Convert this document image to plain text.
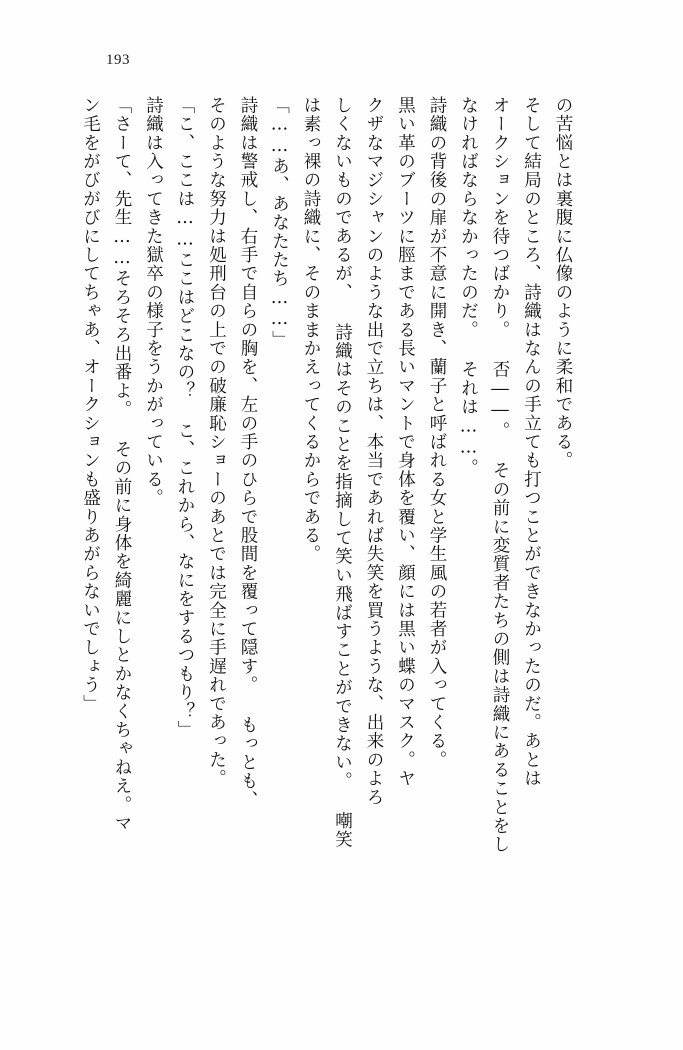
193
の苦悩とは裏腹に仏像のように柔和である。
そして結局のところ、詩織はなんの手立ても打つことができなかったのだ。あとは
オークションを待つばかり。 否――。 その前に変質者たちの側は詩織にあることをし
なければならなかったのだ。 それは……。
詩織の背後の扉が不意に開き、蘭子と呼ばれる女と学生風の若者が入ってくる。
黒い革のブーツに脛まである長いマントで身体を覆い、顔には黒い蝶のマスク。ヤ
クザなマジシャンのような出で立ちは、本当であれば失笑を買うような、出来のよろ
しくないものであるが、 詩織はそのことを指摘して笑い飛ばすことができない。 嘲笑
は素っ裸の詩織に、そのままかえってくるからである。
「……あ、あなたたち……」
詩織は警戒し、右手で自らの胸を、左の手のひらで股間を覆って隠す。 もっとも、
そのような努力は処刑台の上での破廉恥ショーのあとでは完全に手遅れであった。
「こ、ここは……ここはどこなの？ こ、これから、なにをするつもり？」
詩織は入ってきた獄卒の様子をうかがっている。
「さーて、先生……そろそろ出番よ。 その前に身体を綺麗にしとかなくちゃねえ。マ
ン毛をがびがびにしてちゃあ、オークションも盛りあがらないでしょう」
